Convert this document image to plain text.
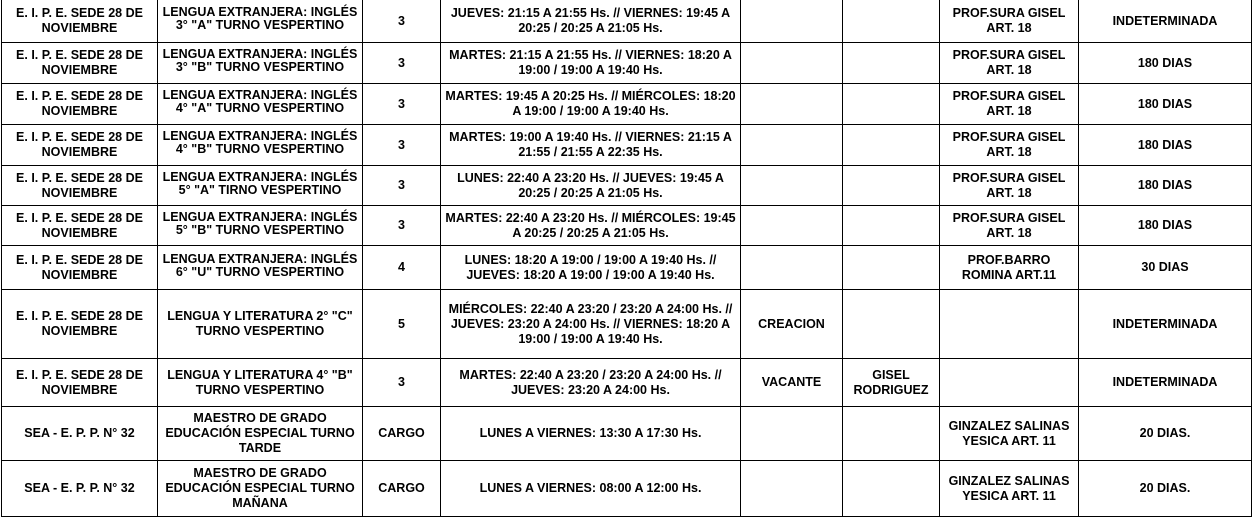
E. I. P. E. SEDE 28 DE NOVIEMBRE	LENGUA EXTRANJERA: INGLÉS 3° "A" TURNO VESPERTINO	3	JUEVES: 21:15 A 21:55 Hs. // VIERNES: 19:45 A 20:25 / 20:25 A 21:05 Hs.			PROF.SURA GISEL ART. 18	INDETERMINADA
E. I. P. E. SEDE 28 DE NOVIEMBRE	LENGUA EXTRANJERA: INGLÉS 3° "B" TURNO VESPERTINO	3	MARTES: 21:15 A 21:55 Hs. // VIERNES: 18:20 A 19:00 / 19:00 A 19:40 Hs.			PROF.SURA GISEL ART. 18	180 DIAS
E. I. P. E. SEDE 28 DE NOVIEMBRE	LENGUA EXTRANJERA: INGLÉS 4° "A" TURNO VESPERTINO	3	MARTES: 19:45 A 20:25 Hs. // MIÉRCOLES: 18:20 A 19:00 / 19:00 A 19:40 Hs.			PROF.SURA GISEL ART. 18	180 DIAS
E. I. P. E. SEDE 28 DE NOVIEMBRE	LENGUA EXTRANJERA: INGLÉS 4° "B" TURNO VESPERTINO	3	MARTES: 19:00 A 19:40 Hs. // VIERNES: 21:15 A 21:55 / 21:55 A 22:35 Hs.			PROF.SURA GISEL ART. 18	180 DIAS
E. I. P. E. SEDE 28 DE NOVIEMBRE	LENGUA EXTRANJERA: INGLÉS 5° "A" TIRNO VESPERTINO	3	LUNES: 22:40 A 23:20 Hs. // JUEVES: 19:45 A 20:25 / 20:25 A 21:05 Hs.			PROF.SURA GISEL ART. 18	180 DIAS
E. I. P. E. SEDE 28 DE NOVIEMBRE	LENGUA EXTRANJERA: INGLÉS 5° "B" TURNO VESPERTINO	3	MARTES: 22:40 A 23:20 Hs. // MIÉRCOLES: 19:45 A 20:25 / 20:25 A 21:05 Hs.			PROF.SURA GISEL ART. 18	180 DIAS
E. I. P. E. SEDE 28 DE NOVIEMBRE	LENGUA EXTRANJERA: INGLÉS 6° "U" TURNO VESPERTINO	4	LUNES: 18:20 A 19:00 / 19:00 A 19:40 Hs. // JUEVES: 18:20 A 19:00 / 19:00 A 19:40 Hs.			PROF.BARRO ROMINA ART.11	30 DIAS
E. I. P. E. SEDE 28 DE NOVIEMBRE	LENGUA Y LITERATURA 2° "C" TURNO VESPERTINO	5	MIÉRCOLES: 22:40 A 23:20 / 23:20 A 24:00 Hs. // JUEVES: 23:20 A 24:00 Hs. // VIERNES: 18:20 A 19:00 / 19:00 A 19:40 Hs.	CREACION			INDETERMINADA
E. I. P. E. SEDE 28 DE NOVIEMBRE	LENGUA Y LITERATURA 4° "B" TURNO VESPERTINO	3	MARTES: 22:40 A 23:20 / 23:20 A 24:00 Hs. // JUEVES: 23:20 A 24:00 Hs.	VACANTE	GISEL RODRIGUEZ		INDETERMINADA
SEA - E. P. P. N° 32	MAESTRO DE GRADO EDUCACIÓN ESPECIAL TURNO TARDE	CARGO	LUNES A VIERNES: 13:30 A 17:30 Hs.			GINZALEZ SALINAS YESICA ART. 11	20 DIAS.
SEA - E. P. P. N° 32	MAESTRO DE GRADO EDUCACIÓN ESPECIAL TURNO MAÑANA	CARGO	LUNES A VIERNES: 08:00 A 12:00 Hs.			GINZALEZ SALINAS YESICA ART. 11	20 DIAS.
